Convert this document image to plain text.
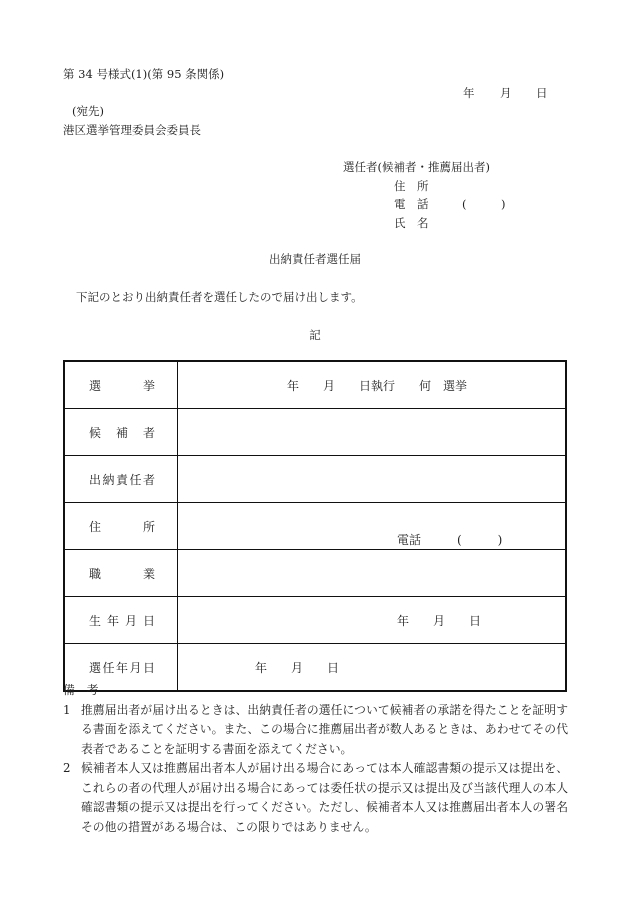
第 34 号様式(1)(第 95 条関係)
年 月 日
(宛先)
港区選挙管理委員会委員長
選任者(候補者・推薦届出者)
住　所
電　話	(　　　)
氏　名
出納責任者選任届
下記のとおり出納責任者を選任したので届け出します。
記
選挙	年　　月　　日執行　　何　選挙

候補者	

出納責任者	

住所	電話　　　(　　　)

職業	

生年月日	年　　月　　日

選任年月日	年　　月　　日
備　考
1 推薦届出者が届け出るときは、出納責任者の選任について候補者の承諾を得たことを証明する書面を添えてください。また、この場合に推薦届出者が数人あるときは、あわせてその代表者であることを証明する書面を添えてください。
2 候補者本人又は推薦届出者本人が届け出る場合にあっては本人確認書類の提示又は提出を、これらの者の代理人が届け出る場合にあっては委任状の提示又は提出及び当該代理人の本人確認書類の提示又は提出を行ってください。ただし、候補者本人又は推薦届出者本人の署名その他の措置がある場合は、この限りではありません。
